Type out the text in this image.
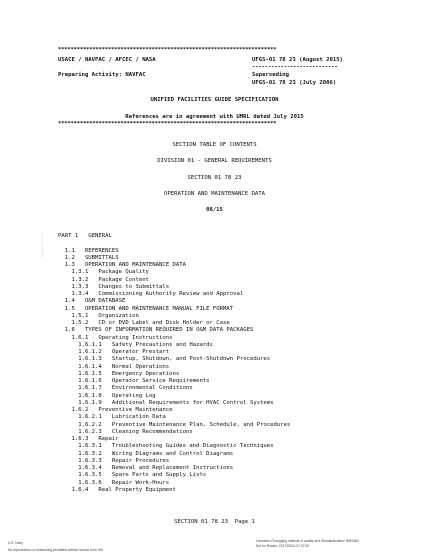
**********************************************************************
USACE / NAVFAC / AFCEC / NASA	UFGS-01 78 23 (August 2015)
---------------------------
Preparing Activity: NAVFAC	Superseding
UFGS-01 78 23 (July 2006)
UNIFIED FACILITIES GUIDE SPECIFICATION
References are in agreement with UMRL dated July 2015
**********************************************************************
SECTION TABLE OF CONTENTS
DIVISION 01 - GENERAL REQUIREMENTS
SECTION 01 78 23
OPERATION AND MAINTENANCE DATA
08/15
PART 1   GENERAL
1.1   REFERENCES
1.2   SUBMITTALS
1.3   OPERATION AND MAINTENANCE DATA
1.3.1   Package Quality
1.3.2   Package Content
1.3.3   Changes to Submittals
1.3.4   Commissioning Authority Review and Approval
1.4   O&M DATABASE
1.5   OPERATION AND MAINTENANCE MANUAL FILE FORMAT
1.5.1   Organization
1.5.2   CD or DVD Label and Disk Holder or Case
1.6   TYPES OF INFORMATION REQUIRED IN O&M DATA PACKAGES
1.6.1   Operating Instructions
1.6.1.1   Safety Precautions and Hazards
1.6.1.2   Operator Prestart
1.6.1.3   Startup, Shutdown, and Post-Shutdown Procedures
1.6.1.4   Normal Operations
1.6.1.5   Emergency Operations
1.6.1.6   Operator Service Requirements
1.6.1.7   Environmental Conditions
1.6.1.8   Operating Log
1.6.1.9   Additional Requirements for HVAC Control Systems
1.6.2   Preventive Maintenance
1.6.2.1   Lubrication Data
1.6.2.2   Preventive Maintenance Plan, Schedule, and Procedures
1.6.2.3   Cleaning Recommendations
1.6.3   Repair
1.6.3.1   Troubleshooting Guides and Diagnostic Techniques
1.6.3.2   Wiring Diagrams and Control Diagrams
1.6.3.3   Repair Procedures
1.6.3.4   Removal and Replacement Instructions
1.6.3.5   Spare Parts and Supply Lists
1.6.3.6   Repair Work-Hours
1.6.4   Real Property Equipment
SECTION 01 78 23  Page 1
U.S. Navy
No reproduction or networking permitted without license from IHS
Licensee=Chongqing Institute of quality and Standardization/ 5969380
Not for Resale, 2017/05/31 07:37:00
Copyright U.S. Navy
